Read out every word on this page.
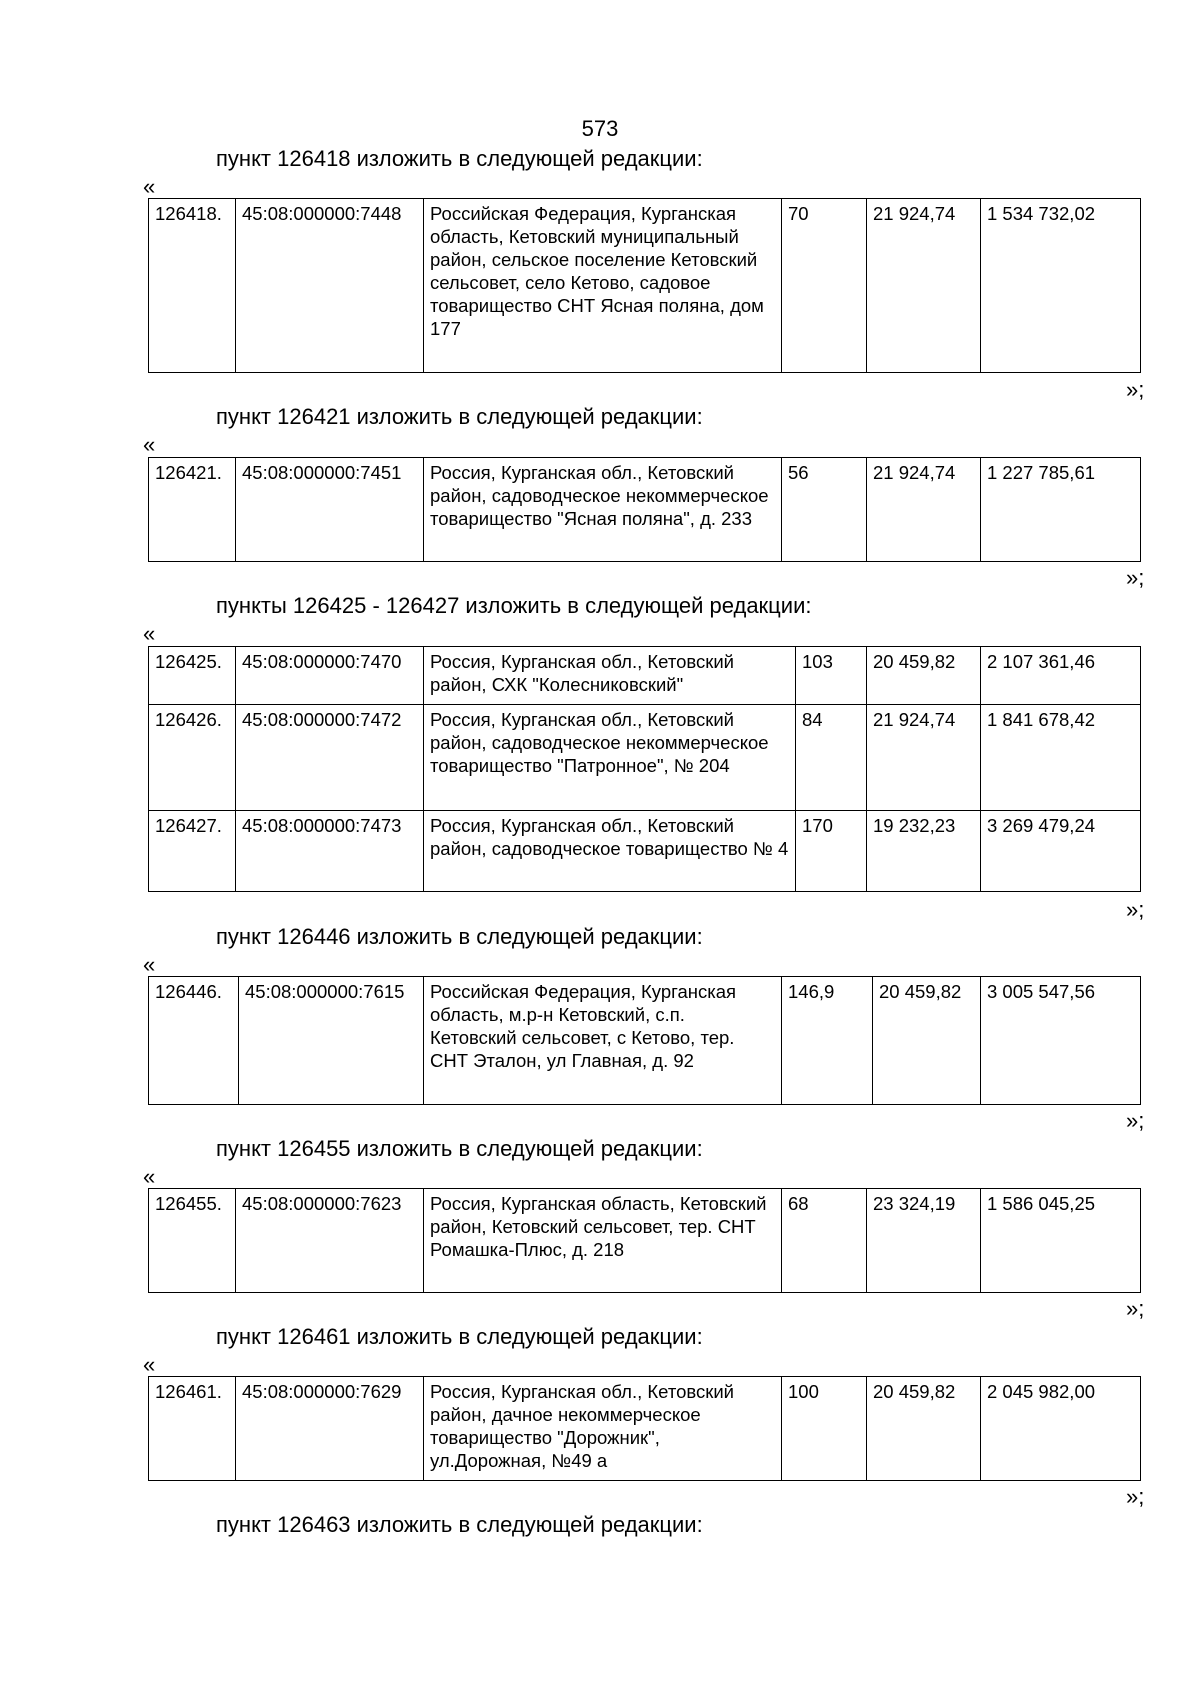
573
пункт 126418 изложить в следующей редакции:
«
126418.	45:08:000000:7448	Российская Федерация, Курганская область, Кетовский муниципальный район, сельское поселение Кетовский сельсовет, село Кетово, садовое товарищество СНТ Ясная поляна, дом 177	70	21 924,74	1 534 732,02
»;
пункт 126421 изложить в следующей редакции:
«
126421.	45:08:000000:7451	Россия, Курганская обл., Кетовский район, садоводческое некоммерческое товарищество "Ясная поляна", д. 233	56	21 924,74	1 227 785,61
»;
пункты 126425 - 126427 изложить в следующей редакции:
«
126425.	45:08:000000:7470	Россия, Курганская обл., Кетовский район, СХК "Колесниковский"	103	20 459,82	2 107 361,46
126426.	45:08:000000:7472	Россия, Курганская обл., Кетовский район, садоводческое некоммерческое товарищество "Патронное", № 204	84	21 924,74	1 841 678,42
126427.	45:08:000000:7473	Россия, Курганская обл., Кетовский район, садоводческое товарищество № 4	170	19 232,23	3 269 479,24
»;
пункт 126446 изложить в следующей редакции:
«
126446.	45:08:000000:7615	Российская Федерация, Курганская область, м.р-н Кетовский, с.п. Кетовский сельсовет, с Кетово, тер. СНТ Эталон, ул Главная, д. 92	146,9	20 459,82	3 005 547,56
»;
пункт 126455 изложить в следующей редакции:
«
126455.	45:08:000000:7623	Россия, Курганская область, Кетовский район, Кетовский сельсовет, тер. СНТ Ромашка-Плюс, д. 218	68	23 324,19	1 586 045,25
»;
пункт 126461 изложить в следующей редакции:
«
126461.	45:08:000000:7629	Россия, Курганская обл., Кетовский район, дачное некоммерческое товарищество "Дорожник", ул.Дорожная, №49 а	100	20 459,82	2 045 982,00
»;
пункт 126463 изложить в следующей редакции:
